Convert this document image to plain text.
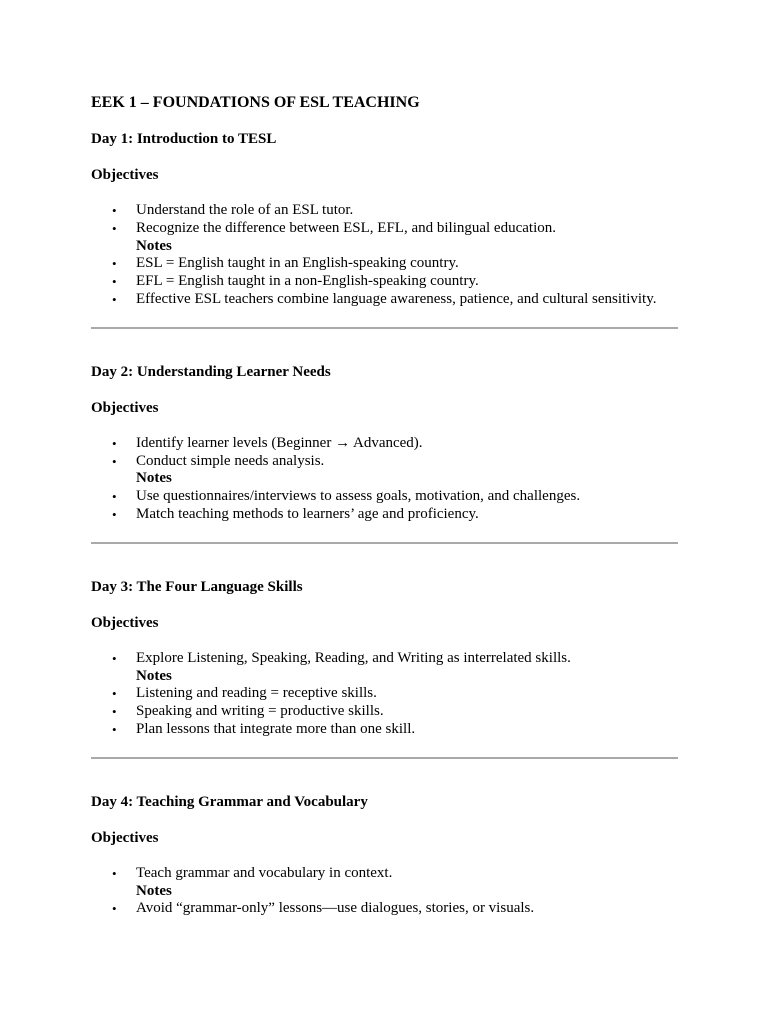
EEK 1 – FOUNDATIONS OF ESL TEACHING

Day 1: Introduction to TESL

Objectives

• Understand the role of an ESL tutor.
• Recognize the difference between ESL, EFL, and bilingual education.
Notes
• ESL = English taught in an English-speaking country.
• EFL = English taught in a non-English-speaking country.
• Effective ESL teachers combine language awareness, patience, and cultural sensitivity.

Day 2: Understanding Learner Needs

Objectives

• Identify learner levels (Beginner → Advanced).
• Conduct simple needs analysis.
Notes
• Use questionnaires/interviews to assess goals, motivation, and challenges.
• Match teaching methods to learners’ age and proficiency.

Day 3: The Four Language Skills

Objectives

• Explore Listening, Speaking, Reading, and Writing as interrelated skills.
Notes
• Listening and reading = receptive skills.
• Speaking and writing = productive skills.
• Plan lessons that integrate more than one skill.

Day 4: Teaching Grammar and Vocabulary

Objectives

• Teach grammar and vocabulary in context.
Notes
• Avoid “grammar-only” lessons—use dialogues, stories, or visuals.
